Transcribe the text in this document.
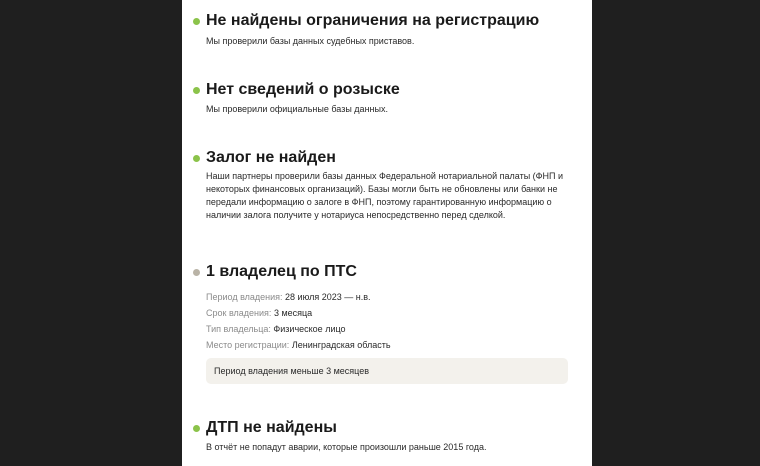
Не найдены ограничения на регистрацию

Мы проверили базы данных судебных приставов.

Нет сведений о розыске

Мы проверили официальные базы данных.

Залог не найден

Наши партнеры проверили базы данных Федеральной нотариальной палаты (ФНП и некоторых финансовых организаций). Базы могли быть не обновлены или банки не передали информацию о залоге в ФНП, поэтому гарантированную информацию о наличии залога получите у нотариуса непосредственно перед сделкой.

1 владелец по ПТС
Период владения: 28 июля 2023 — н.в.
Срок владения: 3 месяца
Тип владельца: Физическое лицо
Место регистрации: Ленинградская область
Период владения меньше 3 месяцев
ДТП не найдены

В отчёт не попадут аварии, которые произошли раньше 2015 года.
